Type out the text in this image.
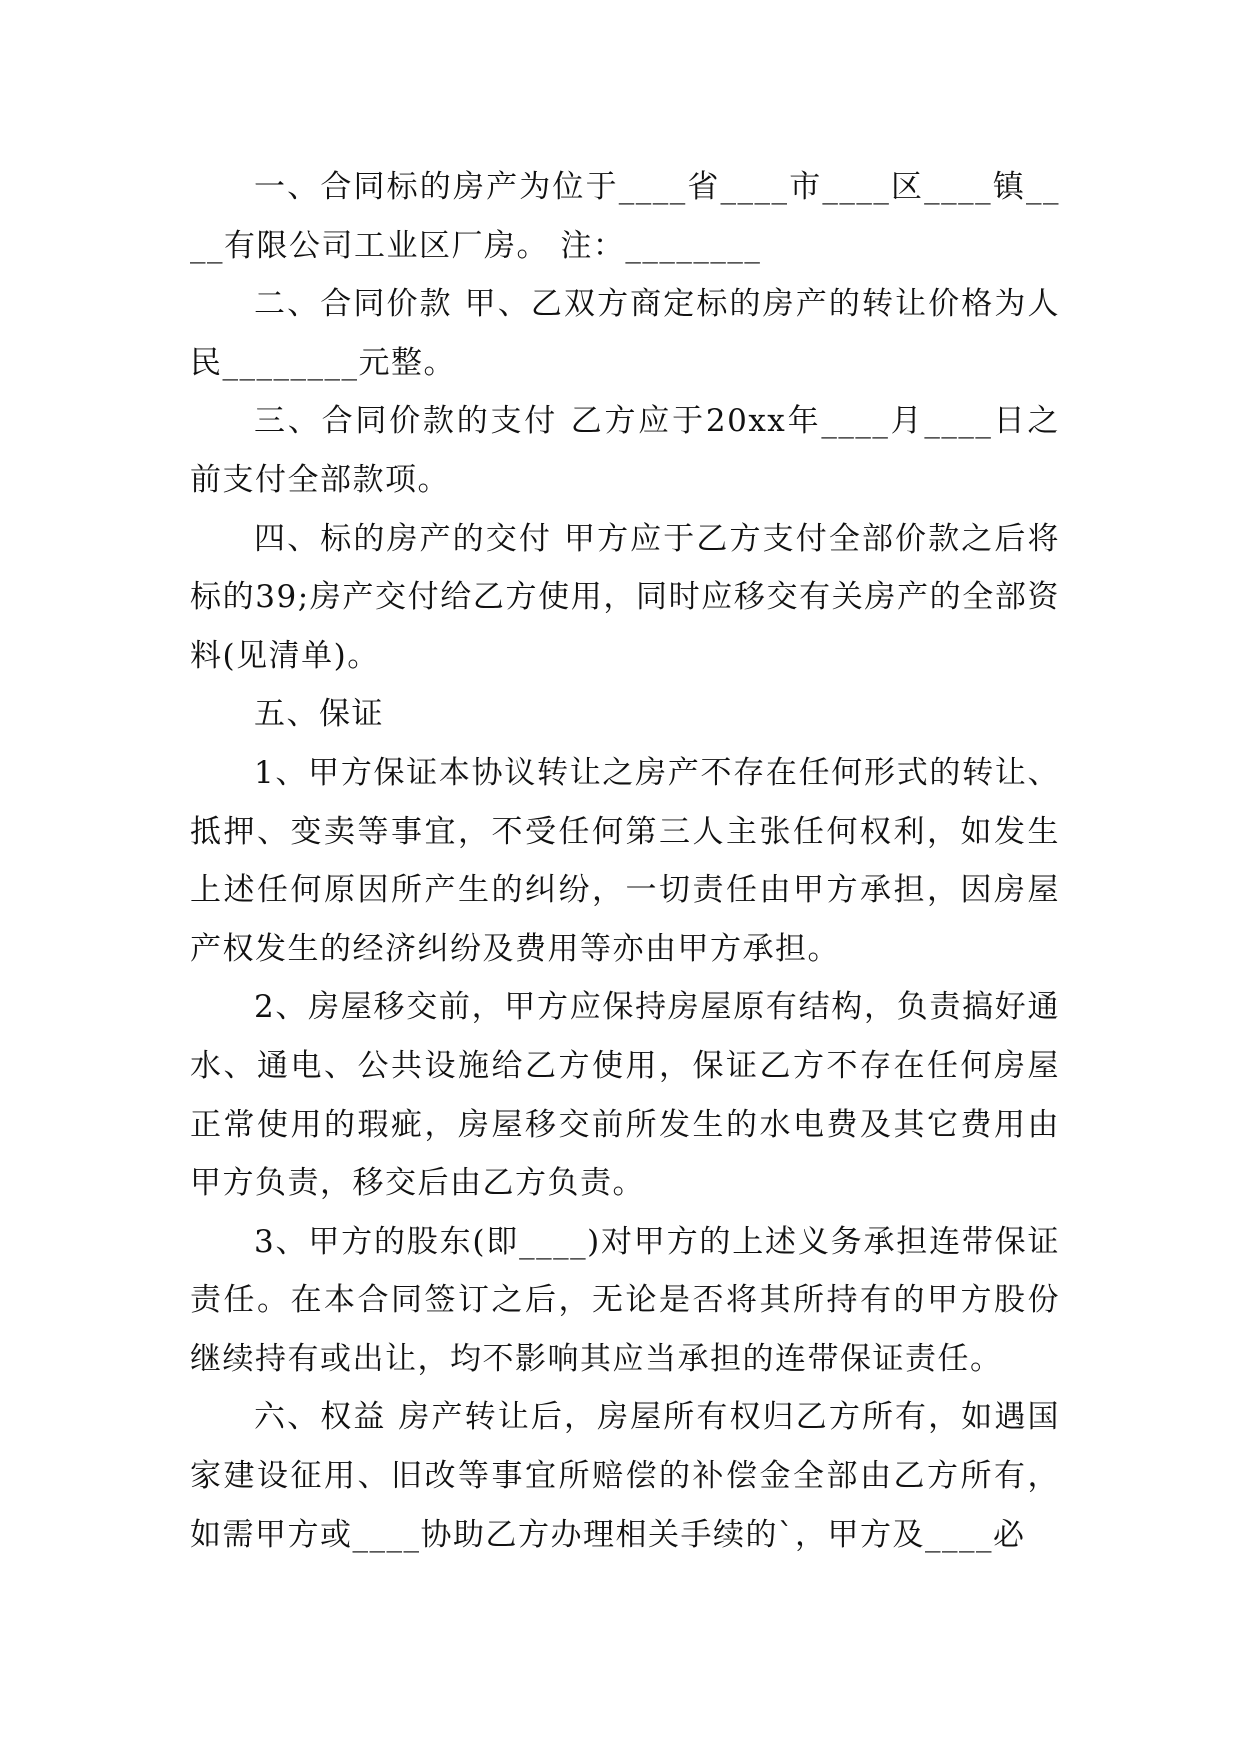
一、合同标的房产为位于____省____市____区____镇____有限公司工业区厂房。 注：________

二、合同价款 甲、乙双方商定标的房产的转让价格为人民________元整。

三、合同价款的支付 乙方应于20xx年____月____日之前支付全部款项。

四、标的房产的交付 甲方应于乙方支付全部价款之后将标的39;房产交付给乙方使用，同时应移交有关房产的全部资料(见清单)。

五、保证

1、甲方保证本协议转让之房产不存在任何形式的转让、抵押、变卖等事宜，不受任何第三人主张任何权利，如发生上述任何原因所产生的纠纷，一切责任由甲方承担，因房屋产权发生的经济纠纷及费用等亦由甲方承担。

2、房屋移交前，甲方应保持房屋原有结构，负责搞好通水、通电、公共设施给乙方使用，保证乙方不存在任何房屋正常使用的瑕疵，房屋移交前所发生的水电费及其它费用由甲方负责，移交后由乙方负责。

3、甲方的股东(即____)对甲方的上述义务承担连带保证责任。在本合同签订之后，无论是否将其所持有的甲方股份继续持有或出让，均不影响其应当承担的连带保证责任。

六、权益 房产转让后，房屋所有权归乙方所有，如遇国家建设征用、旧改等事宜所赔偿的补偿金全部由乙方所有，如需甲方或____协助乙方办理相关手续的`，甲方及____必
